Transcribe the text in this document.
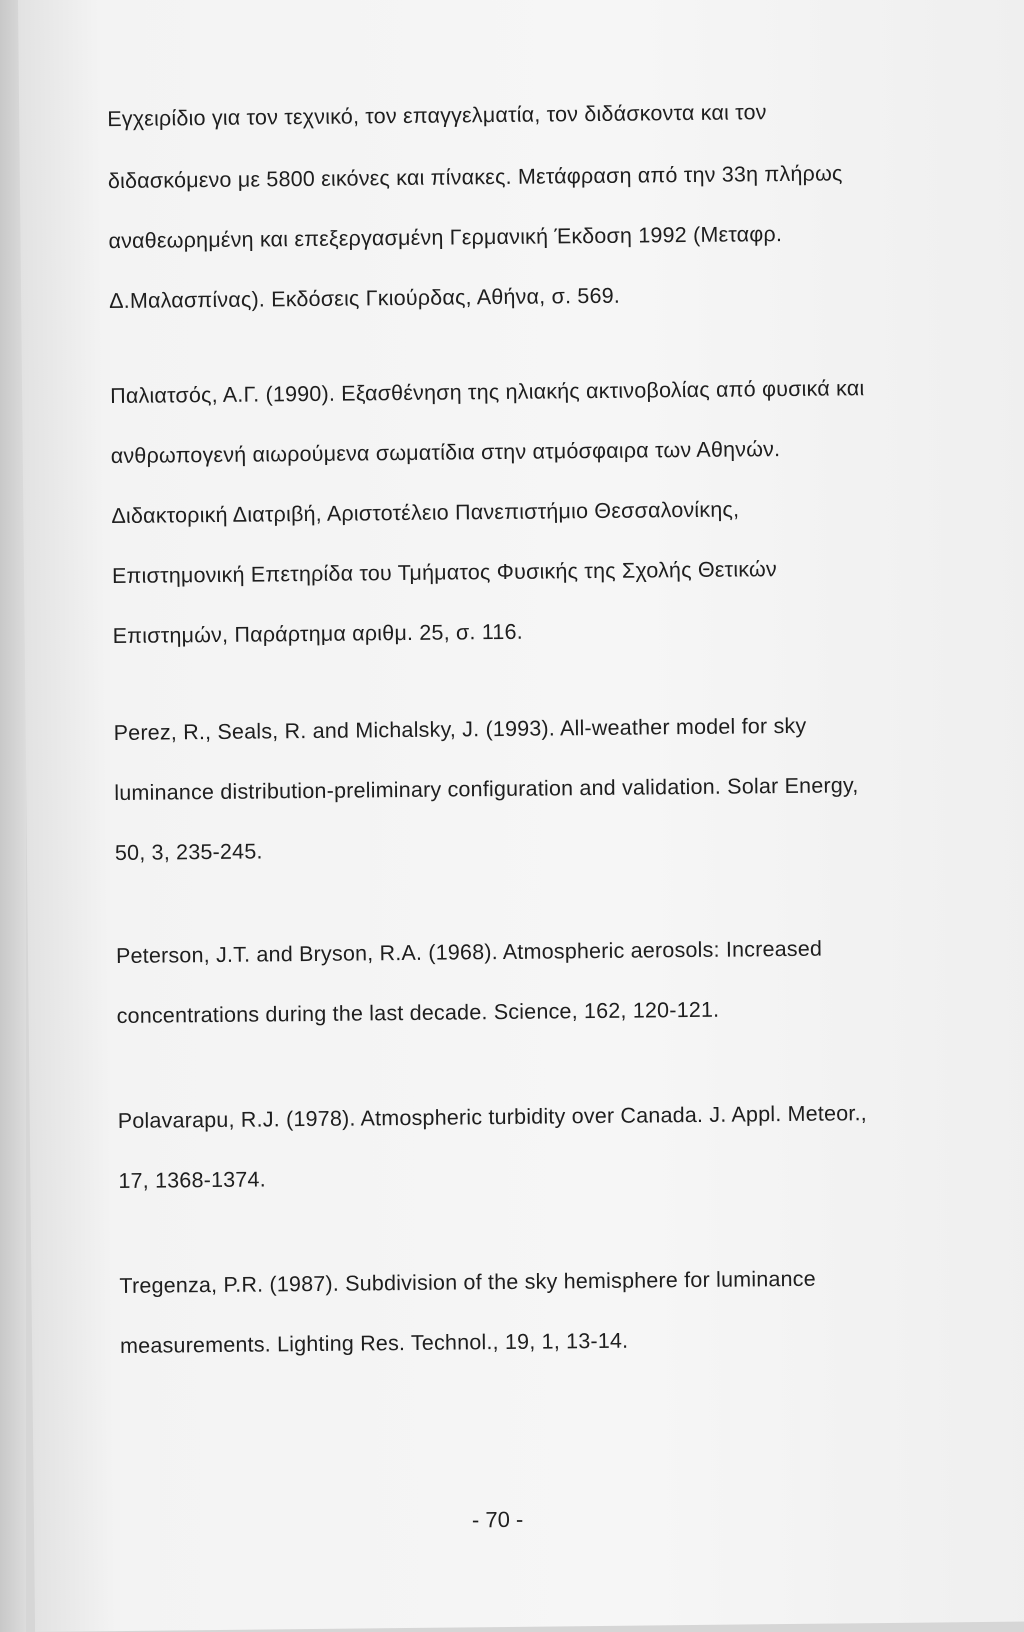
Εγχειρίδιο για τον τεχνικό, τον επαγγελματία, τον διδάσκοντα και τον
διδασκόμενο με 5800 εικόνες και πίνακες. Μετάφραση από την 33η πλήρως
αναθεωρημένη και επεξεργασμένη Γερμανική Έκδοση 1992 (Μεταφρ.
Δ.Μαλασπίνας). Εκδόσεις Γκιούρδας, Αθήνα, σ. 569.
Παλιατσός, Α.Γ. (1990). Εξασθένηση της ηλιακής ακτινοβολίας από φυσικά και
ανθρωπογενή αιωρούμενα σωματίδια στην ατμόσφαιρα των Αθηνών.
Διδακτορική Διατριβή, Αριστοτέλειο Πανεπιστήμιο Θεσσαλονίκης,
Επιστημονική Επετηρίδα του Τμήματος Φυσικής της Σχολής Θετικών
Επιστημών, Παράρτημα αριθμ. 25, σ. 116.
Perez, R., Seals, R. and Michalsky, J. (1993). All-weather model for sky
luminance distribution-preliminary configuration and validation. Solar Energy,
50, 3, 235-245.
Peterson, J.T. and Bryson, R.A. (1968). Atmospheric aerosols: Increased
concentrations during the last decade. Science, 162, 120-121.
Polavarapu, R.J. (1978). Atmospheric turbidity over Canada. J. Appl. Meteor.,
17, 1368-1374.
Tregenza, P.R. (1987). Subdivision of the sky hemisphere for luminance
measurements. Lighting Res. Technol., 19, 1, 13-14.
- 70 -
